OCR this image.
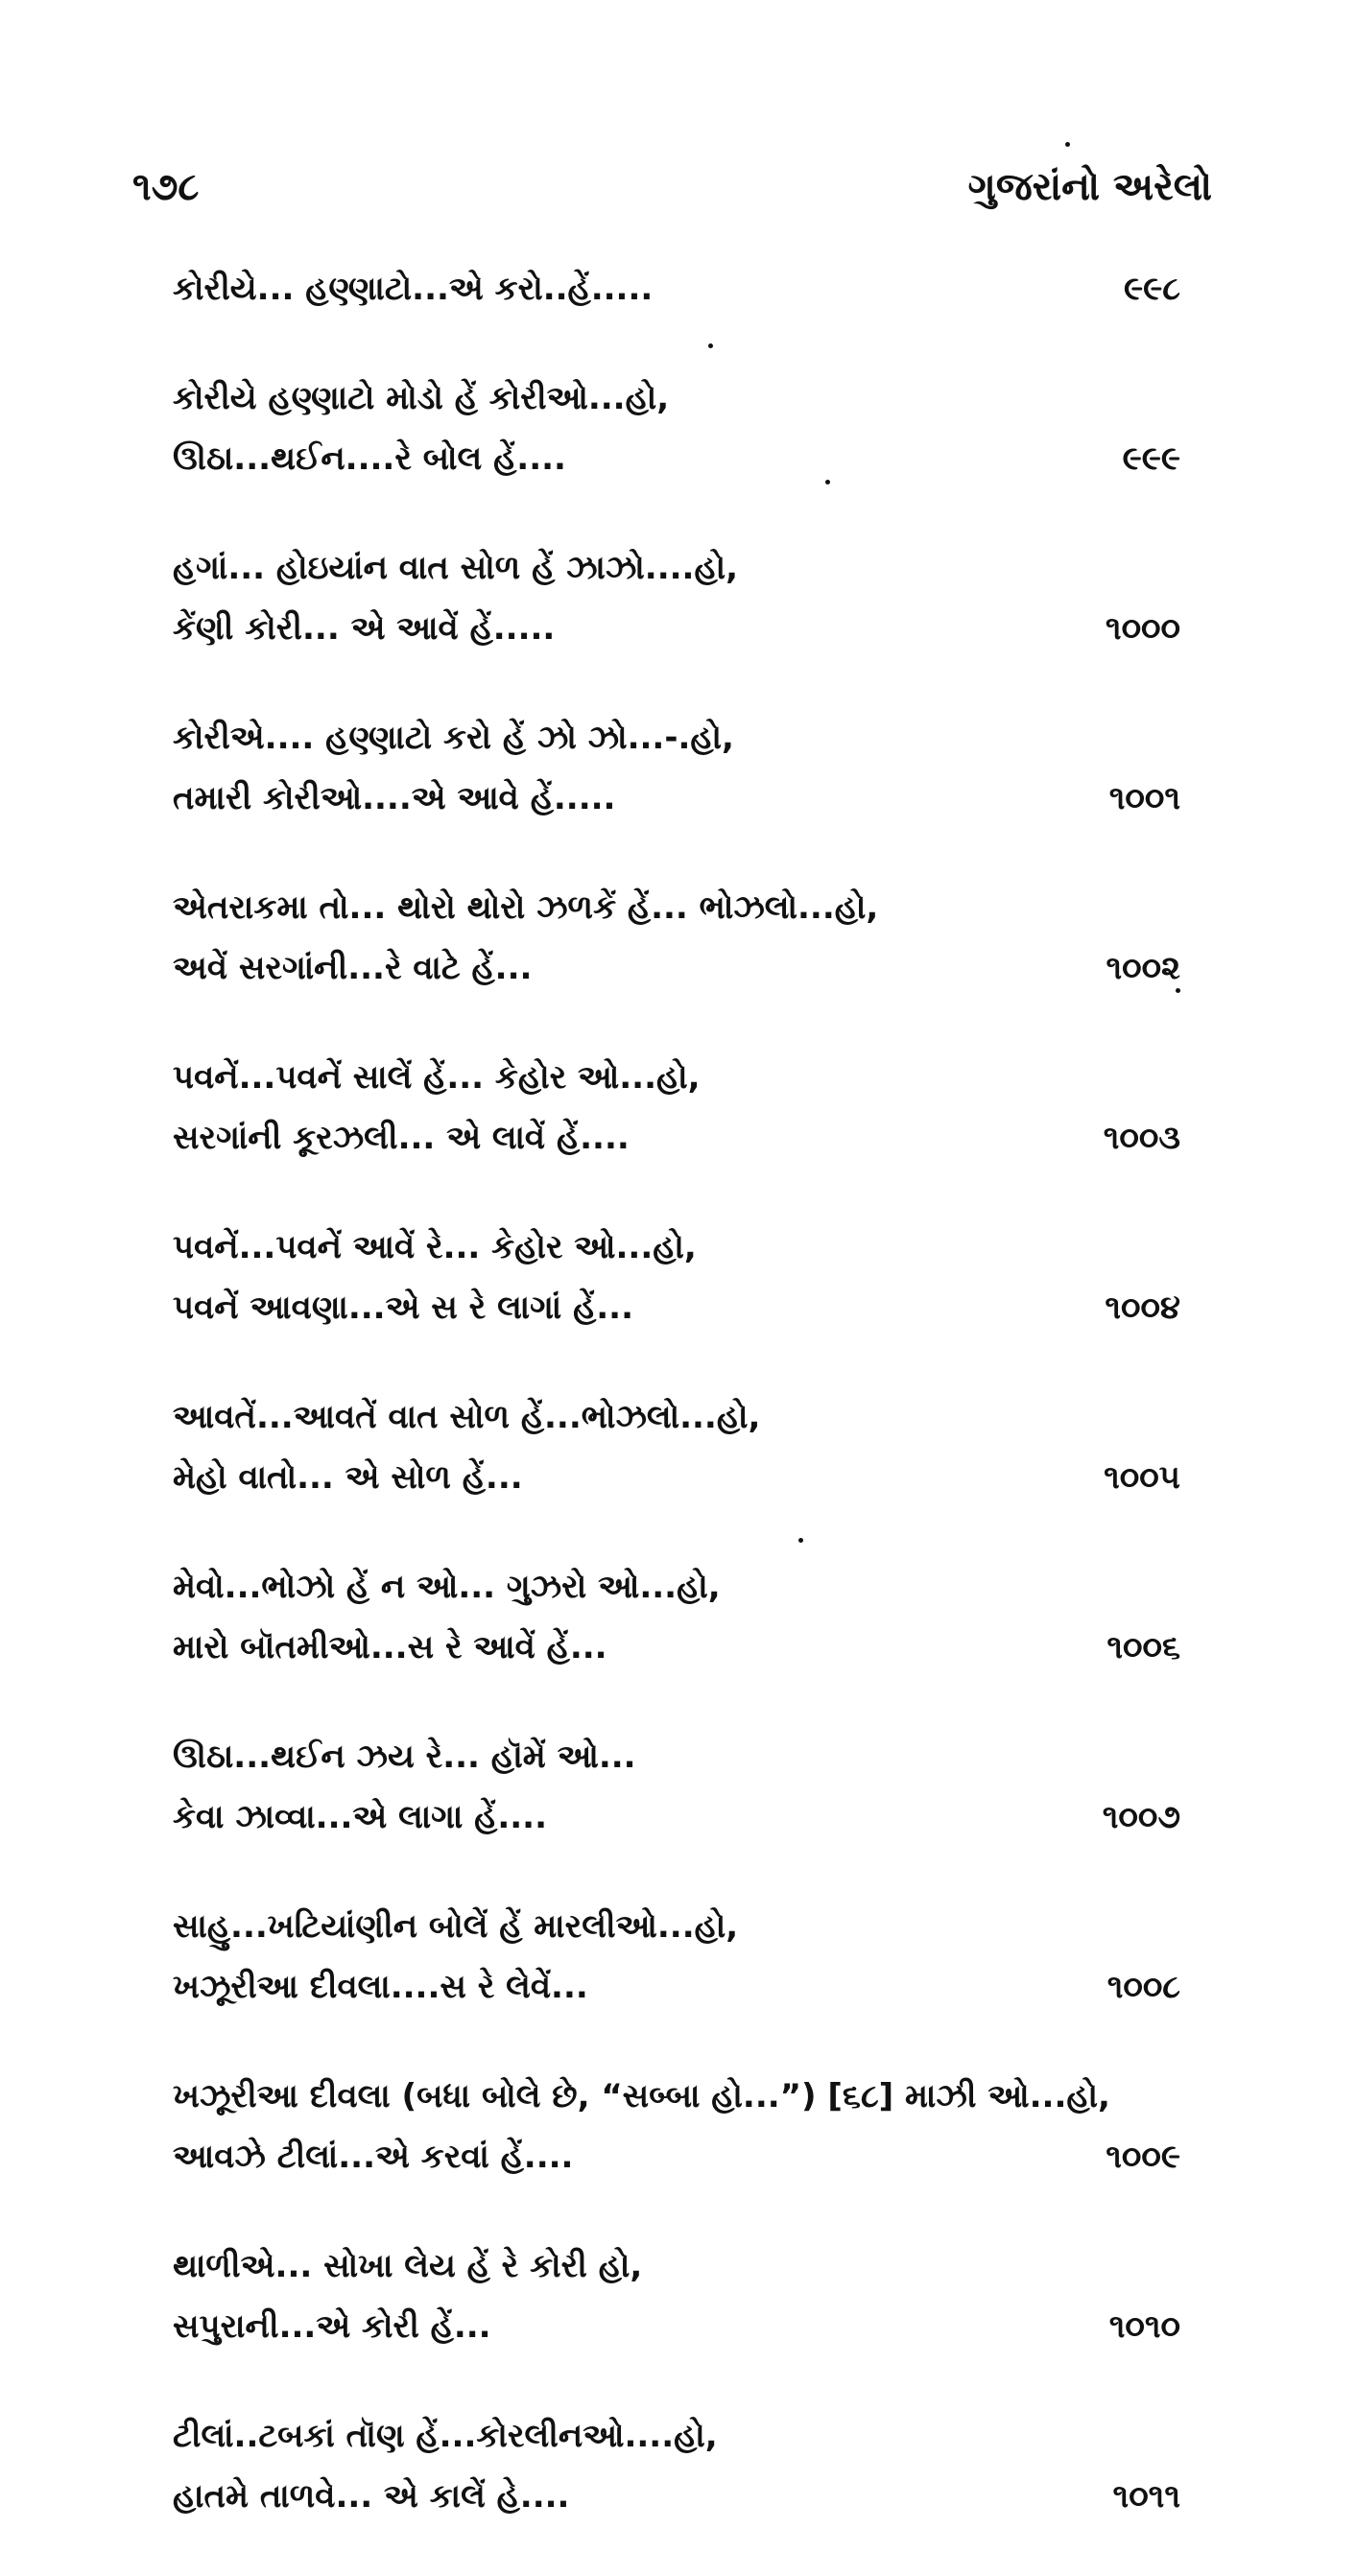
૧૭૮	ગુજરાંનો અરેલો
કોરીયે... હણ્ણાટો...એ કરો..હેં.....	૯૯૮
કોરીયે હણ્ણાટો મોડો હેં કોરીઓ...હો,
ઊઠા...થઈન....રે બોલ હેં....	૯૯૯
હગાં... હોઇયાંન વાત સોળ હેં ઝાઝો....હો,
કેંણી કોરી... એ આવેં હેં.....	૧૦૦૦
કોરીએ.... હણ્ણાટો કરો હેં ઝો ઝો...-.હો,
તમારી કોરીઓ....એ આવે હેં.....	૧૦૦૧
એતરાકમા તો... થોરો થોરો ઝળકેં હેં... ભોઝલો...હો,
અવેં સરગાંની...રે વાટે હેં...	૧૦૦૨
પવનેં...પવનેં સાલેં હેં... કેહોર ઓ...હો,
સરગાંની કૂરઝલી... એ લાવેં હેં....	૧૦૦૩
પવનેં...પવનેં આવેં રે... કેહોર ઓ...હો,
પવનેં આવણા...એ સ રે લાગાં હેં...	૧૦૦૪
આવતેં...આવતેં વાત સોળ હેં...ભોઝલો...હો,
મેહો વાતો... એ સોળ હેં...	૧૦૦૫
મેવો...ભોઝો હેં ન ઓ... ગુઝરો ઓ...હો,
મારો બૉતમીઓ...સ રે આવેં હેં...	૧૦૦૬
ઊઠા...થઈન ઝય રે... હૉમેં ઓ...
કેવા ઝાવ્વા...એ લાગા હેં....	૧૦૦૭
સાહુ...ખટિયાંણીન બોલેં હેં મારલીઓ...હો,
ખઝૂરીઆ દીવલા....સ રે લેવેં...	૧૦૦૮
ખઝૂરીઆ દીવલા (બધા બોલે છે, “સબ્બા હો...”) [૬૮] માઝી ઓ...હો,
આવઝે ટીલાં...એ કરવાં હેં....	૧૦૦૯
થાળીએ... સોખા લેય હેં રે કોરી હો,
સપુરાની...એ કોરી હેં...	૧૦૧૦
ટીલાં..ટબકાં તૉણ હેં...કોરલીનઓ....હો,
હાતમે તાળવે... એ કાલેં હે....	૧૦૧૧
